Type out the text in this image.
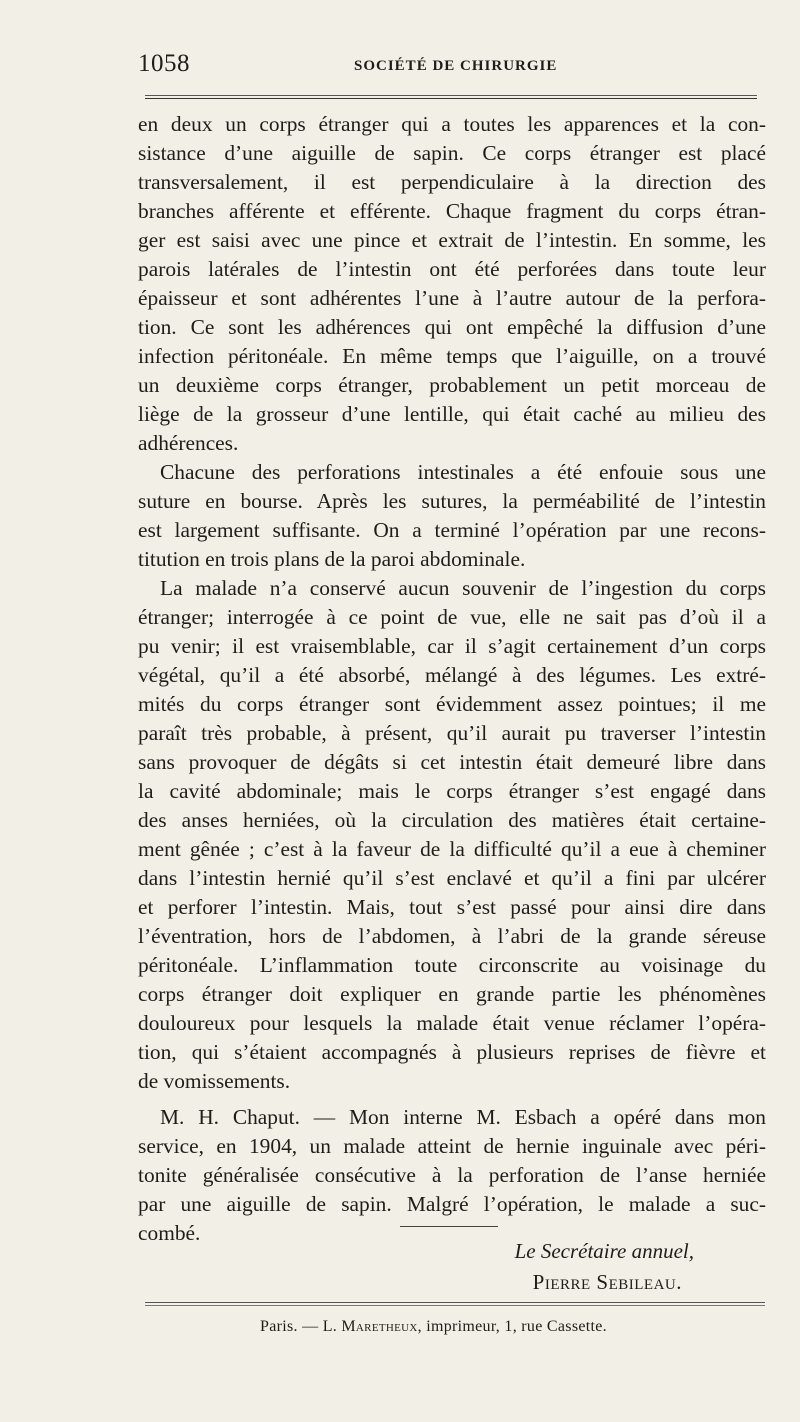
1058	SOCIÉTÉ DE CHIRURGIE
en deux un corps étranger qui a toutes les apparences et la con-
sistance d’une aiguille de sapin. Ce corps étranger est placé
transversalement, il est perpendiculaire à la direction des
branches afférente et efférente. Chaque fragment du corps étran-
ger est saisi avec une pince et extrait de l’intestin. En somme, les
parois latérales de l’intestin ont été perforées dans toute leur
épaisseur et sont adhérentes l’une à l’autre autour de la perfora-
tion. Ce sont les adhérences qui ont empêché la diffusion d’une
infection péritonéale. En même temps que l’aiguille, on a trouvé
un deuxième corps étranger, probablement un petit morceau de
liège de la grosseur d’une lentille, qui était caché au milieu des
adhérences.
Chacune des perforations intestinales a été enfouie sous une
suture en bourse. Après les sutures, la perméabilité de l’intestin
est largement suffisante. On a terminé l’opération par une recons-
titution en trois plans de la paroi abdominale.
La malade n’a conservé aucun souvenir de l’ingestion du corps
étranger; interrogée à ce point de vue, elle ne sait pas d’où il a
pu venir; il est vraisemblable, car il s’agit certainement d’un corps
végétal, qu’il a été absorbé, mélangé à des légumes. Les extré-
mités du corps étranger sont évidemment assez pointues; il me
paraît très probable, à présent, qu’il aurait pu traverser l’intestin
sans provoquer de dégâts si cet intestin était demeuré libre dans
la cavité abdominale; mais le corps étranger s’est engagé dans
des anses herniées, où la circulation des matières était certaine-
ment gênée ; c’est à la faveur de la difficulté qu’il a eue à cheminer
dans l’intestin hernié qu’il s’est enclavé et qu’il a fini par ulcérer
et perforer l’intestin. Mais, tout s’est passé pour ainsi dire dans
l’éventration, hors de l’abdomen, à l’abri de la grande séreuse
péritonéale. L’inflammation toute circonscrite au voisinage du
corps étranger doit expliquer en grande partie les phénomènes
douloureux pour lesquels la malade était venue réclamer l’opéra-
tion, qui s’étaient accompagnés à plusieurs reprises de fièvre et
de vomissements.
M. H. Chaput. — Mon interne M. Esbach a opéré dans mon
service, en 1904, un malade atteint de hernie inguinale avec péri-
tonite généralisée consécutive à la perforation de l’anse herniée
par une aiguille de sapin. Malgré l’opération, le malade a suc-
combé.
Le Secrétaire annuel,
Pierre Sebileau.
Paris. — L. Maretheux, imprimeur, 1, rue Cassette.
